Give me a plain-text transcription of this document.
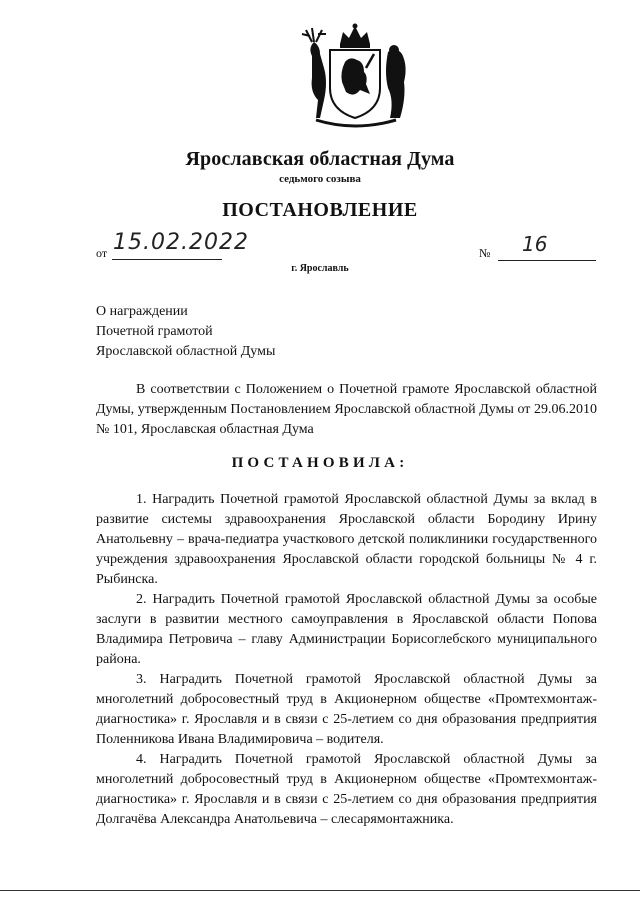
Ярославская областная Дума
седьмого созыва
ПОСТАНОВЛЕНИЕ
от 15.02.2022	№ 16
г. Ярославль
О награждении
Почетной грамотой
Ярославской областной Думы

В соответствии с Положением о Почетной грамоте Ярославской областной Думы, утвержденным Постановлением Ярославской областной Думы от 29.06.2010 № 101, Ярославская областная Дума

ПОСТАНОВИЛА:

1. Наградить Почетной грамотой Ярославской областной Думы за вклад в развитие системы здравоохранения Ярославской области Бородину Ирину Анатольевну – врача-педиатра участкового детской поликлиники государственного учреждения здравоохранения Ярославской области городской больницы № 4 г. Рыбинска.

2. Наградить Почетной грамотой Ярославской областной Думы за особые заслуги в развитии местного самоуправления в Ярославской области Попова Владимира Петровича – главу Администрации Борисоглебского муниципального района.

3. Наградить Почетной грамотой Ярославской областной Думы за многолетний добросовестный труд в Акционерном обществе «Промтехмонтаж-диагностика» г. Ярославля и в связи с 25-летием со дня образования предприятия Поленникова Ивана Владимировича – водителя.

4. Наградить Почетной грамотой Ярославской областной Думы за многолетний добросовестный труд в Акционерном обществе «Промтехмонтаж-диагностика» г. Ярославля и в связи с 25-летием со дня образования предприятия Долгачёва Александра Анатольевича – слесарямонтажника.
